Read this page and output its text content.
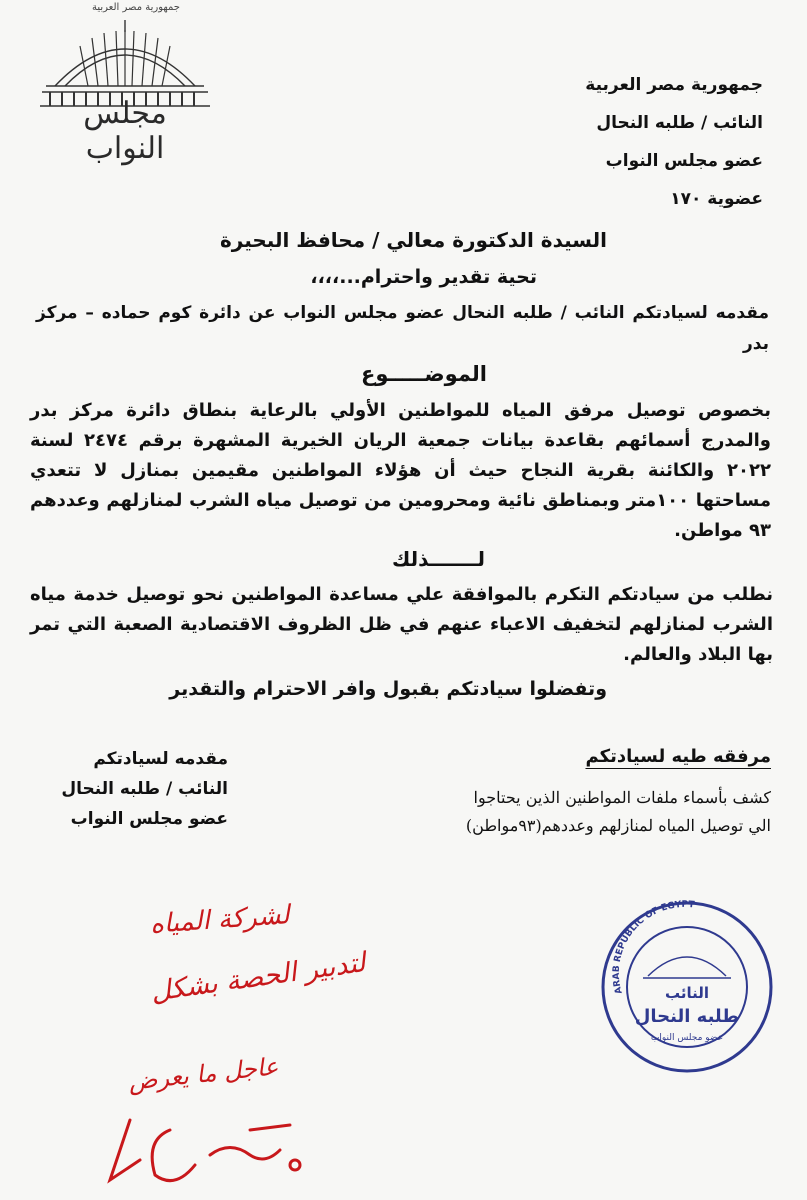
جمهورية مصر العربية
مجلس النواب
جمهورية مصر العربية
النائب / طلبه النحال
عضو مجلس النواب
عضوية ١٧٠
السيدة الدكتورة معالي / محافظ البحيرة
تحية تقدير واحترام...،،،،
مقدمه لسيادتكم النائب / طلبه النحال عضو مجلس النواب عن دائرة كوم حماده – مركز بدر
الموضـــــوع
بخصوص توصيل مرفق المياه للمواطنين الأولي بالرعاية بنطاق دائرة مركز بدر والمدرج أسمائهم بقاعدة بيانات جمعية الريان الخيرية المشهرة برقم ٢٤٧٤ لسنة ٢٠٢٢ والكائنة بقرية النجاح حيث أن هؤلاء المواطنين مقيمين بمنازل لا تتعدي مساحتها ١٠٠متر وبمناطق نائية ومحرومين من توصيل مياه الشرب لمنازلهم وعددهم ٩٣ مواطن.
لـــــــذلك
نطلب من سيادتكم التكرم بالموافقة علي مساعدة المواطنين نحو توصيل خدمة مياه الشرب لمنازلهم لتخفيف الاعباء عنهم في ظل الظروف الاقتصادية الصعبة التي تمر بها البلاد والعالم.
وتفضلوا سيادتكم بقبول وافر الاحترام والتقدير
مرفقه طيه لسيادتكم
كشف بأسماء ملفات المواطنين الذين يحتاجوا
الي توصيل المياه لمنازلهم وعددهم(٩٣مواطن)
مقدمه لسيادتكم
النائب / طلبه النحال
عضو مجلس النواب
لشركة المياه
لتدبير الحصة بشكل
عاجل ما يعرض
ARAB REPUBLIC OF EGYPT
النائب
طلبه النحال
عضو مجلس النواب
